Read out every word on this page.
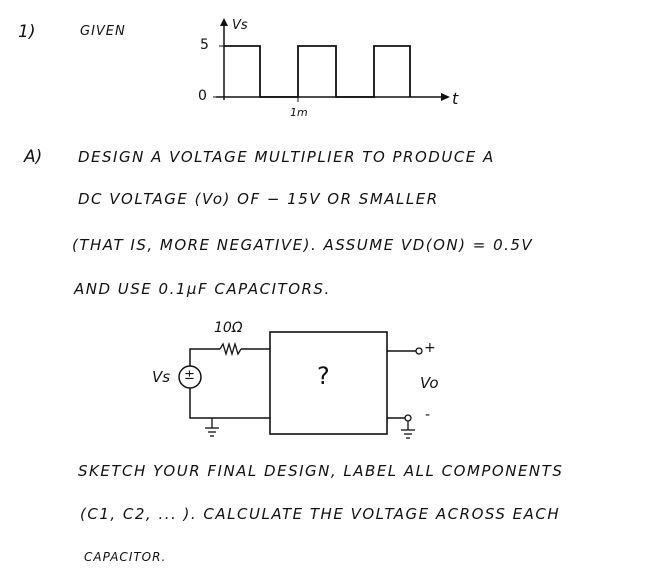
1)	GIVEN
A)
Vs
5
0	t
1m
DESIGN A VOLTAGE MULTIPLIER TO PRODUCE A
DC VOLTAGE (Vo) OF − 15V OR SMALLER
(THAT IS, MORE NEGATIVE). ASSUME VD(ON) = 0.5V
AND USE 0.1µF CAPACITORS.
SKETCH YOUR FINAL DESIGN, LABEL ALL COMPONENTS
(C1, C2, ... ). CALCULATE THE VOLTAGE ACROSS EACH
CAPACITOR.
10Ω
Vs ±	?
+
Vo
-
